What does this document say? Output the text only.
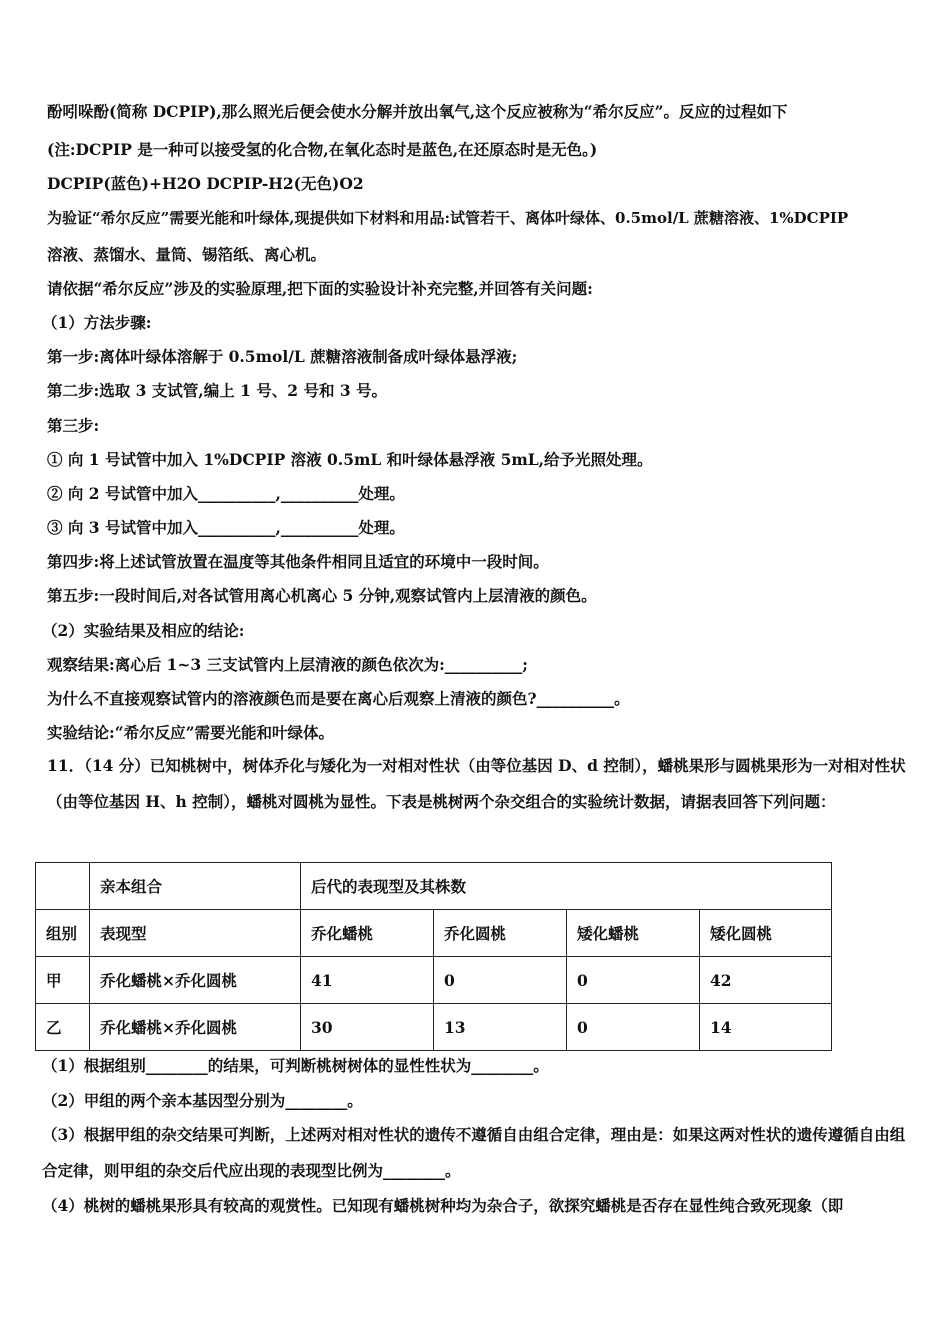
酚吲哚酚(简称 DCPIP),那么照光后便会使水分解并放出氧气,这个反应被称为“希尔反应”。反应的过程如下
(注:DCPIP 是一种可以接受氢的化合物,在氧化态时是蓝色,在还原态时是无色。)
DCPIP(蓝色)+H2O DCPIP-H2(无色)O2
为验证“希尔反应”需要光能和叶绿体,现提供如下材料和用品:试管若干、离体叶绿体、0.5mol/L 蔗糖溶液、1%DCPIP
溶液、蒸馏水、量筒、锡箔纸、离心机。
请依据“希尔反应”涉及的实验原理,把下面的实验设计补充完整,并回答有关问题:
（1）方法步骤:
第一步:离体叶绿体溶解于 0.5mol/L 蔗糖溶液制备成叶绿体悬浮液;
第二步:选取 3 支试管,编上 1 号、2 号和 3 号。
第三步:
① 向 1 号试管中加入 1%DCPIP 溶液 0.5mL 和叶绿体悬浮液 5mL,给予光照处理。
② 向 2 号试管中加入__________,__________处理。
③ 向 3 号试管中加入__________,__________处理。
第四步:将上述试管放置在温度等其他条件相同且适宜的环境中一段时间。
第五步:一段时间后,对各试管用离心机离心 5 分钟,观察试管内上层清液的颜色。
（2）实验结果及相应的结论:
观察结果:离心后 1~3 三支试管内上层清液的颜色依次为:__________;
为什么不直接观察试管内的溶液颜色而是要在离心后观察上清液的颜色?__________。
实验结论:“希尔反应”需要光能和叶绿体。
11．（14 分）已知桃树中，树体乔化与矮化为一对相对性状（由等位基因 D、d 控制），蟠桃果形与圆桃果形为一对相对性状（由等位基因 H、h 控制），蟠桃对圆桃为显性。下表是桃树两个杂交组合的实验统计数据，请据表回答下列问题：
	亲本组合	后代的表现型及其株数			
组别	表现型	乔化蟠桃	乔化圆桃	矮化蟠桃	矮化圆桃
甲	乔化蟠桃×乔化圆桃	41	0	0	42
乙	乔化蟠桃×乔化圆桃	30	13	0	14
（1）根据组别________的结果，可判断桃树树体的显性性状为________。
（2）甲组的两个亲本基因型分别为________。
（3）根据甲组的杂交结果可判断，上述两对相对性状的遗传不遵循自由组合定律，理由是：如果这两对性状的遗传遵循自由组合定律，则甲组的杂交后代应出现的表现型比例为________。
（4）桃树的蟠桃果形具有较高的观赏性。已知现有蟠桃树种均为杂合子，欲探究蟠桃是否存在显性纯合致死现象（即
